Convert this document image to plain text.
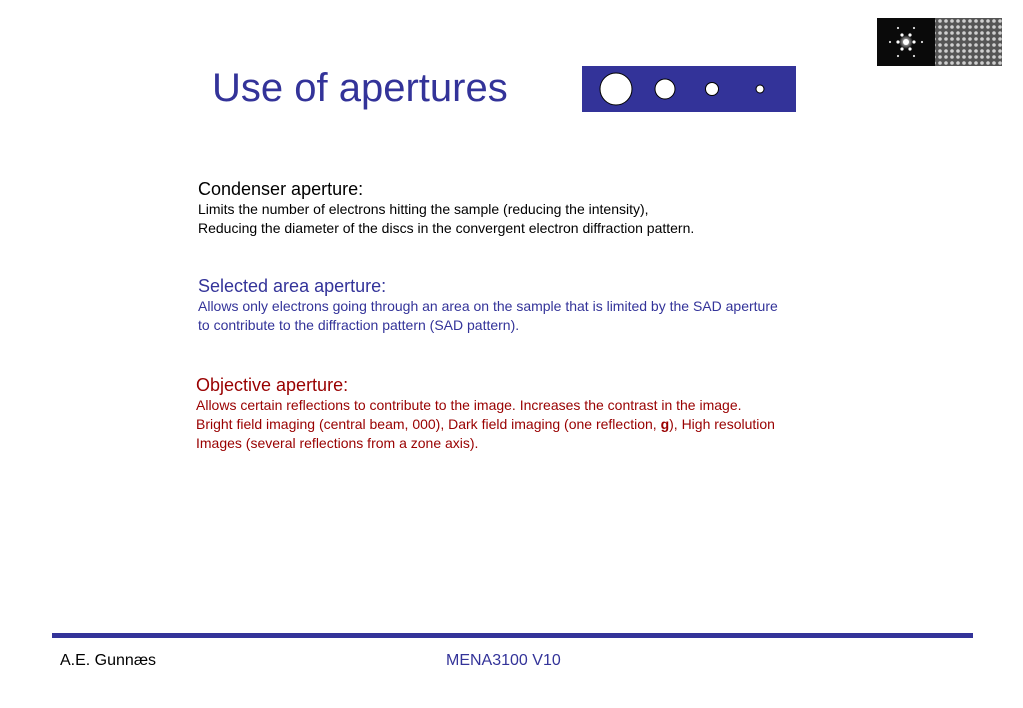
Use of apertures
Condenser aperture:
Limits the number of electrons hitting the sample (reducing the intensity),
Reducing the diameter of the discs in the convergent electron diffraction pattern.
Selected area aperture:
Allows only electrons going through an area on the sample that is limited by the SAD aperture
to contribute to the diffraction pattern (SAD pattern).
Objective aperture:
Allows certain reflections to contribute to the image. Increases the contrast in the image.
Bright field imaging (central beam, 000), Dark field imaging (one reflection, g), High resolution
Images (several reflections from a zone axis).
A.E. Gunnæs	MENA3100 V10
